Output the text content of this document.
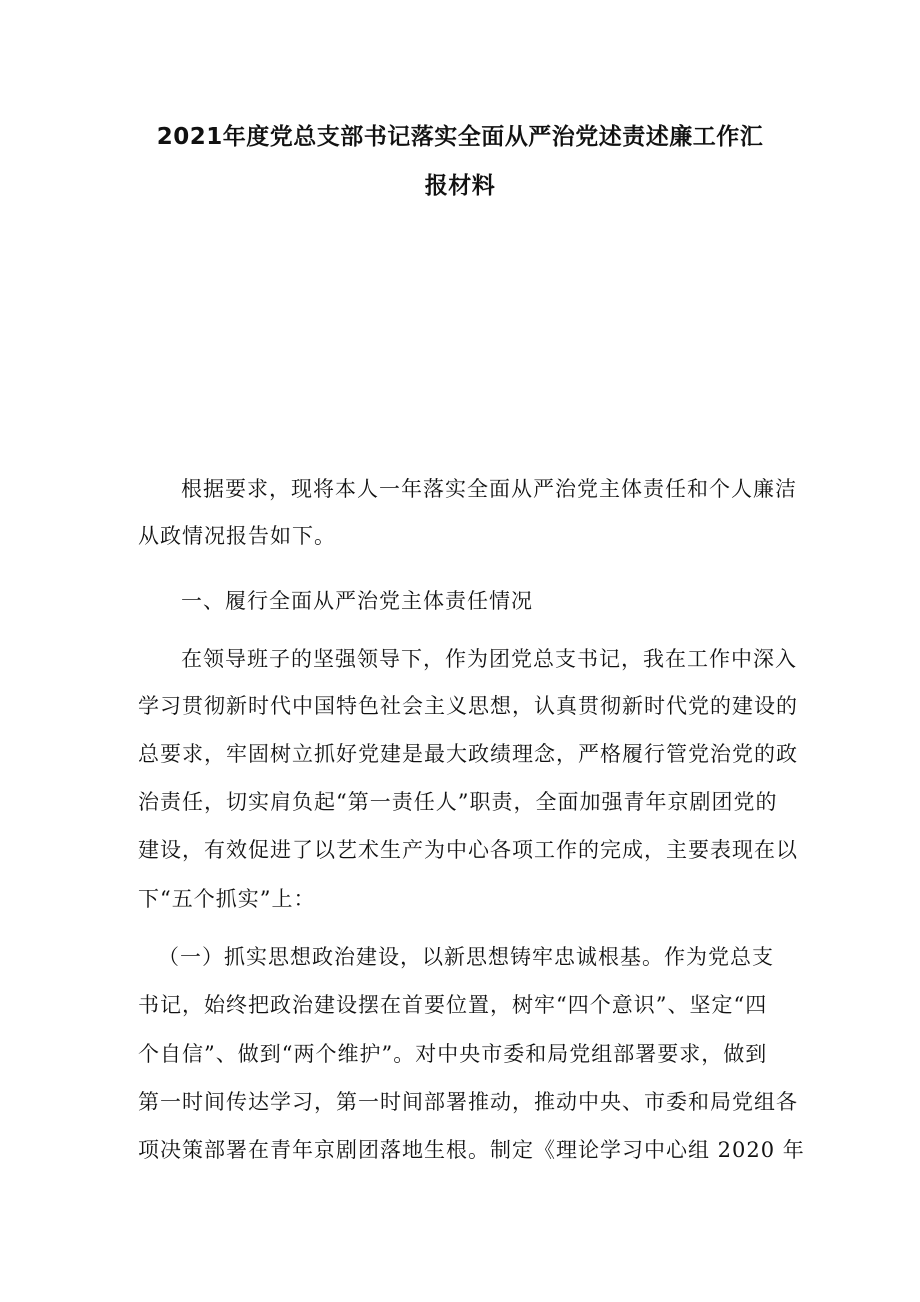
2021年度党总支部书记落实全面从严治党述责述廉工作汇
报材料

根据要求，现将本人一年落实全面从严治党主体责任和个人廉洁

从政情况报告如下。

一、履行全面从严治党主体责任情况

在领导班子的坚强领导下，作为团党总支书记，我在工作中深入

学习贯彻新时代中国特色社会主义思想，认真贯彻新时代党的建设的

总要求，牢固树立抓好党建是最大政绩理念，严格履行管党治党的政

治责任，切实肩负起“第一责任人”职责，全面加强青年京剧团党的

建设，有效促进了以艺术生产为中心各项工作的完成，主要表现在以

下“五个抓实”上：

（一）抓实思想政治建设，以新思想铸牢忠诚根基。作为党总支

书记，始终把政治建设摆在首要位置，树牢“四个意识”、坚定“四

个自信”、做到“两个维护”。对中央市委和局党组部署要求，做到

第一时间传达学习，第一时间部署推动，推动中央、市委和局党组各

项决策部署在青年京剧团落地生根。制定《理论学习中心组 2020 年
